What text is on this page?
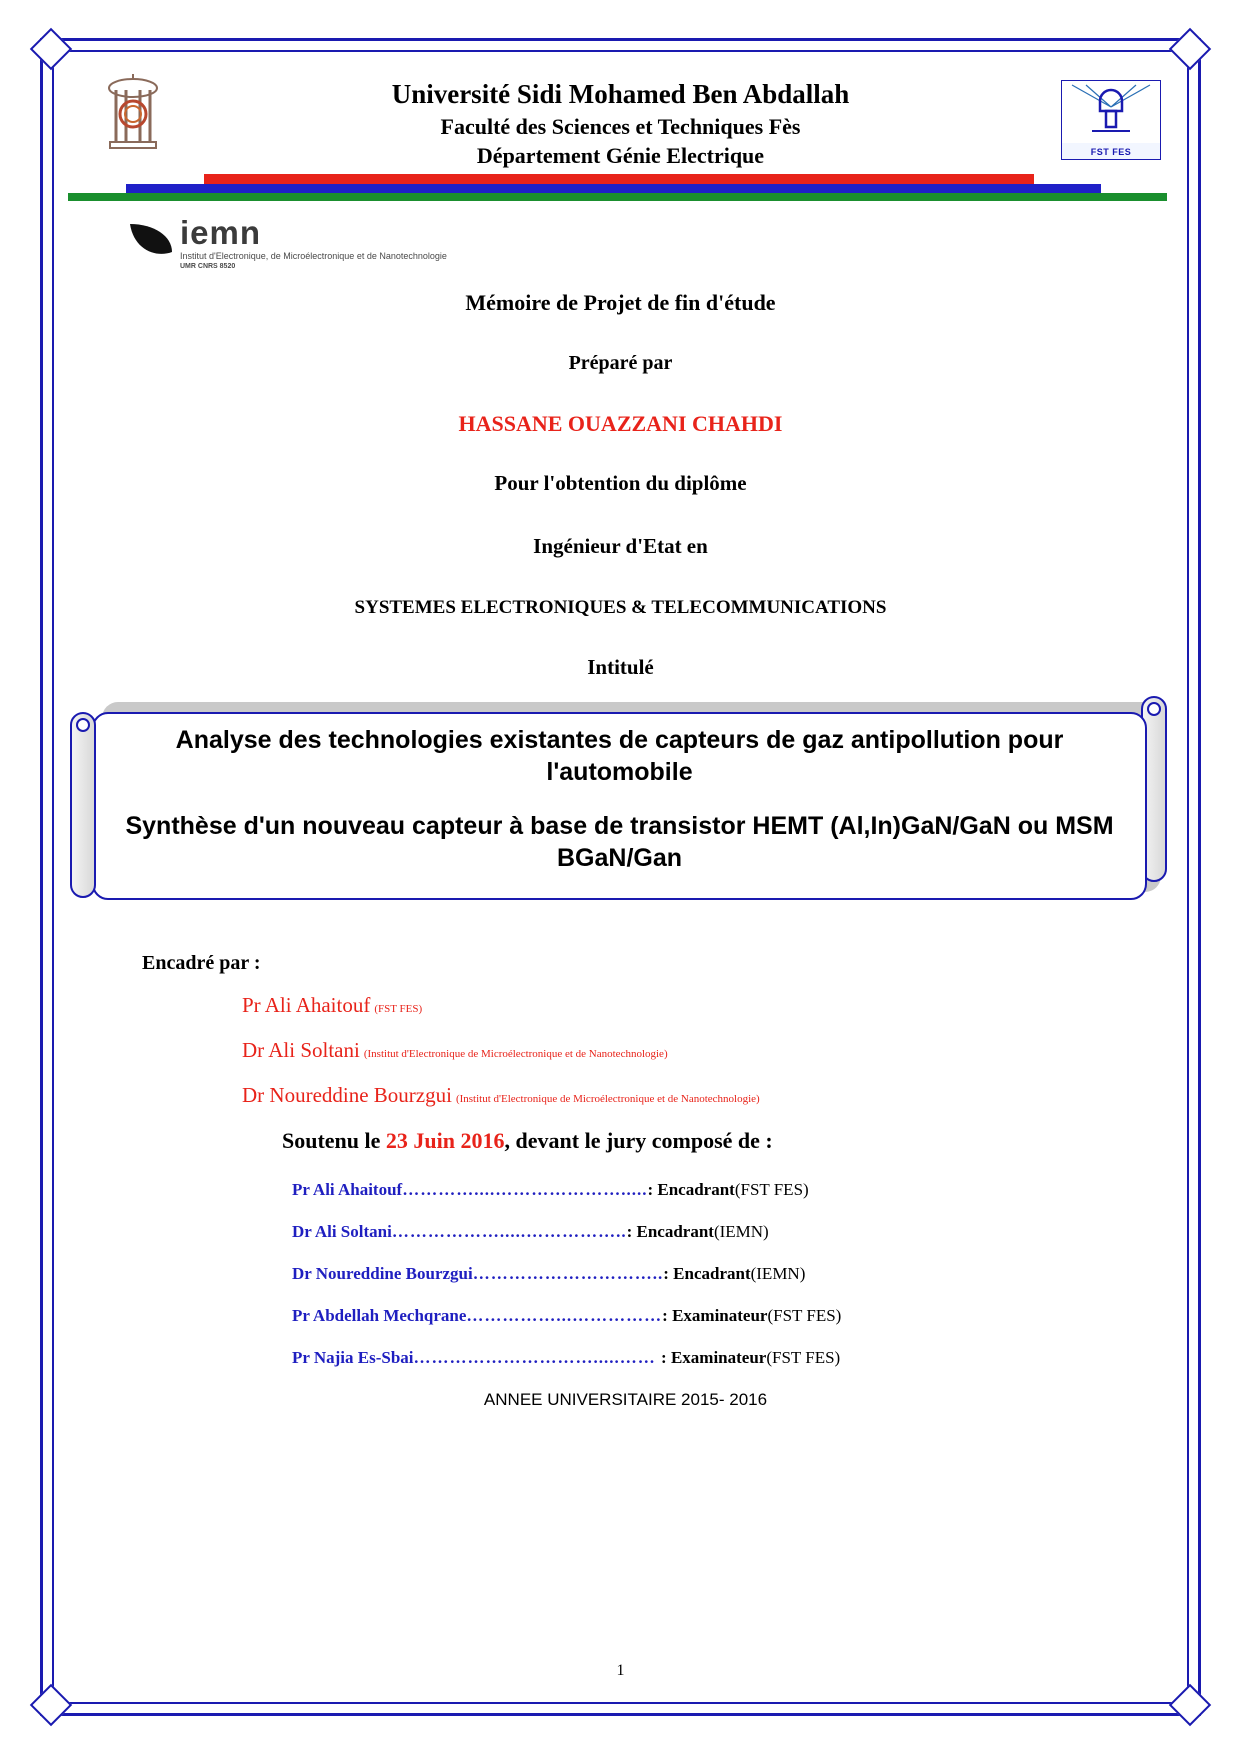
Université Sidi Mohamed Ben Abdallah
Faculté des Sciences et Techniques Fès
Département Génie Electrique	FST FES
iemn
Institut d'Electronique, de Microélectronique et de Nanotechnologie
UMR CNRS 8520
Mémoire de Projet de fin d'étude
Préparé par
HASSANE OUAZZANI CHAHDI
Pour l'obtention du diplôme
Ingénieur d'Etat en
SYSTEMES ELECTRONIQUES & TELECOMMUNICATIONS
Intitulé
Analyse des technologies existantes de capteurs de gaz antipollution pour l'automobile
Synthèse d'un nouveau capteur à base de transistor HEMT (Al,In)GaN/GaN ou MSM BGaN/Gan
Encadré par :
Pr Ali Ahaitouf (FST FES)
Dr Ali Soltani (Institut d'Electronique de Microélectronique et de Nanotechnologie)
Dr Noureddine Bourzgui (Institut d'Electronique de Microélectronique et de Nanotechnologie)
Soutenu le 23 Juin 2016, devant le jury composé de :
Pr Ali Ahaitouf…………....………………….....: Encadrant(FST FES)
Dr Ali Soltani……………….....……………..: Encadrant(IEMN)
Dr Noureddine Bourzgui…………………………..: Encadrant(IEMN)
Pr Abdellah Mechqrane……………...……………: Examinateur(FST FES)
Pr Najia Es-Sbai………………………….....…… : Examinateur(FST FES)
ANNEE UNIVERSITAIRE 2015- 2016
1
